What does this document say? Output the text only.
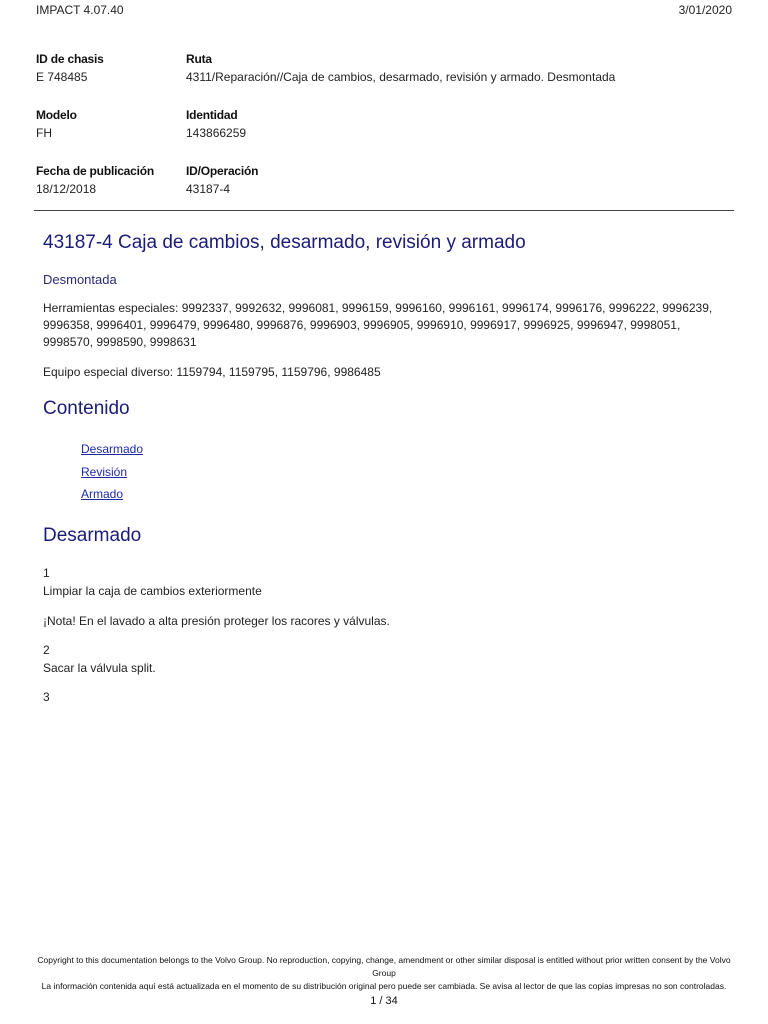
IMPACT 4.07.40	3/01/2020
ID de chasis
E 748485
Ruta
4311/Reparación//Caja de cambios, desarmado, revisión y armado. Desmontada
Modelo
FH
Identidad
143866259
Fecha de publicación
18/12/2018
ID/Operación
43187-4
43187-4 Caja de cambios, desarmado, revisión y armado
Desmontada

Herramientas especiales: 9992337, 9992632, 9996081, 9996159, 9996160, 9996161, 9996174, 9996176, 9996222, 9996239, 9996358, 9996401, 9996479, 9996480, 9996876, 9996903, 9996905, 9996910, 9996917, 9996925, 9996947, 9998051, 9998570, 9998590, 9998631

Equipo especial diverso: 1159794, 1159795, 1159796, 9986485

Contenido
Desarmado
Revisión
Armado
Desarmado
1

Limpiar la caja de cambios exteriormente

¡Nota! En el lavado a alta presión proteger los racores y válvulas.

2

Sacar la válvula split.

3
Copyright to this documentation belongs to the Volvo Group. No reproduction, copying, change, amendment or other similar disposal is entitled without prior written consent by the Volvo Group
La información contenida aquí está actualizada en el momento de su distribución original pero puede ser cambiada. Se avisa al lector de que las copias impresas no son controladas.
1 / 34
